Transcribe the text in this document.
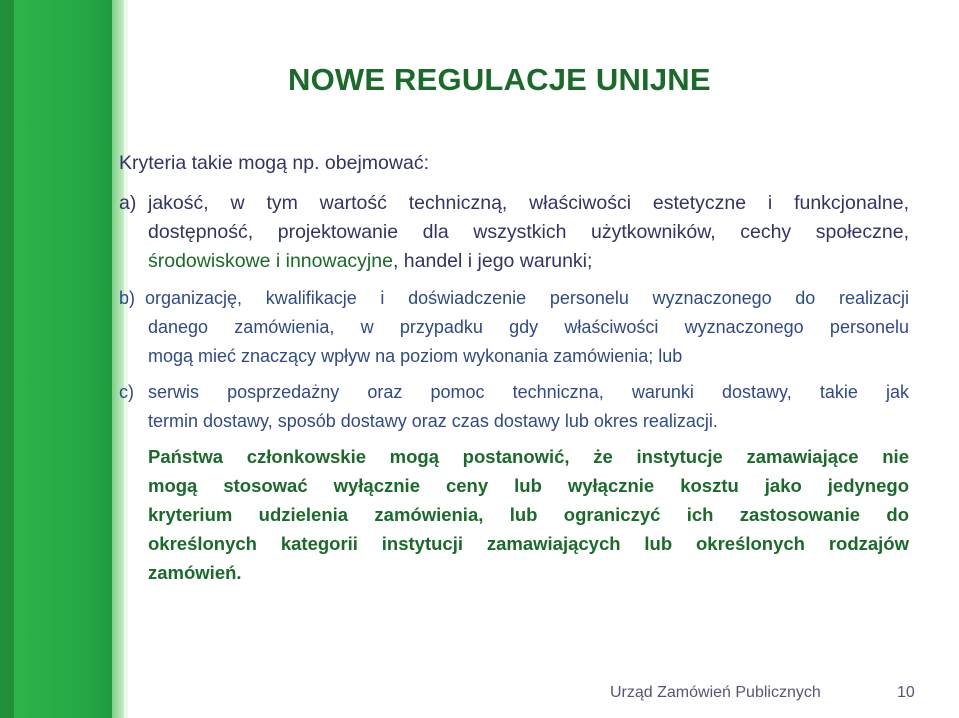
NOWE REGULACJE UNIJNE
Kryteria takie mogą np. obejmować:
a) jakość, w tym wartość techniczną, właściwości estetyczne i funkcjonalne,
dostępność, projektowanie dla wszystkich użytkowników, cechy społeczne,
środowiskowe i innowacyjne, handel i jego warunki;
b) organizację, kwalifikacje i doświadczenie personelu wyznaczonego do realizacji
danego zamówienia, w przypadku gdy właściwości wyznaczonego personelu
mogą mieć znaczący wpływ na poziom wykonania zamówienia; lub
c) serwis posprzedażny oraz pomoc techniczna, warunki dostawy, takie jak
termin dostawy, sposób dostawy oraz czas dostawy lub okres realizacji.
Państwa członkowskie mogą postanowić, że instytucje zamawiające nie
mogą stosować wyłącznie ceny lub wyłącznie kosztu jako jedynego
kryterium udzielenia zamówienia, lub ograniczyć ich zastosowanie do
określonych kategorii instytucji zamawiających lub określonych rodzajów
zamówień.
Urząd Zamówień Publicznych	10
